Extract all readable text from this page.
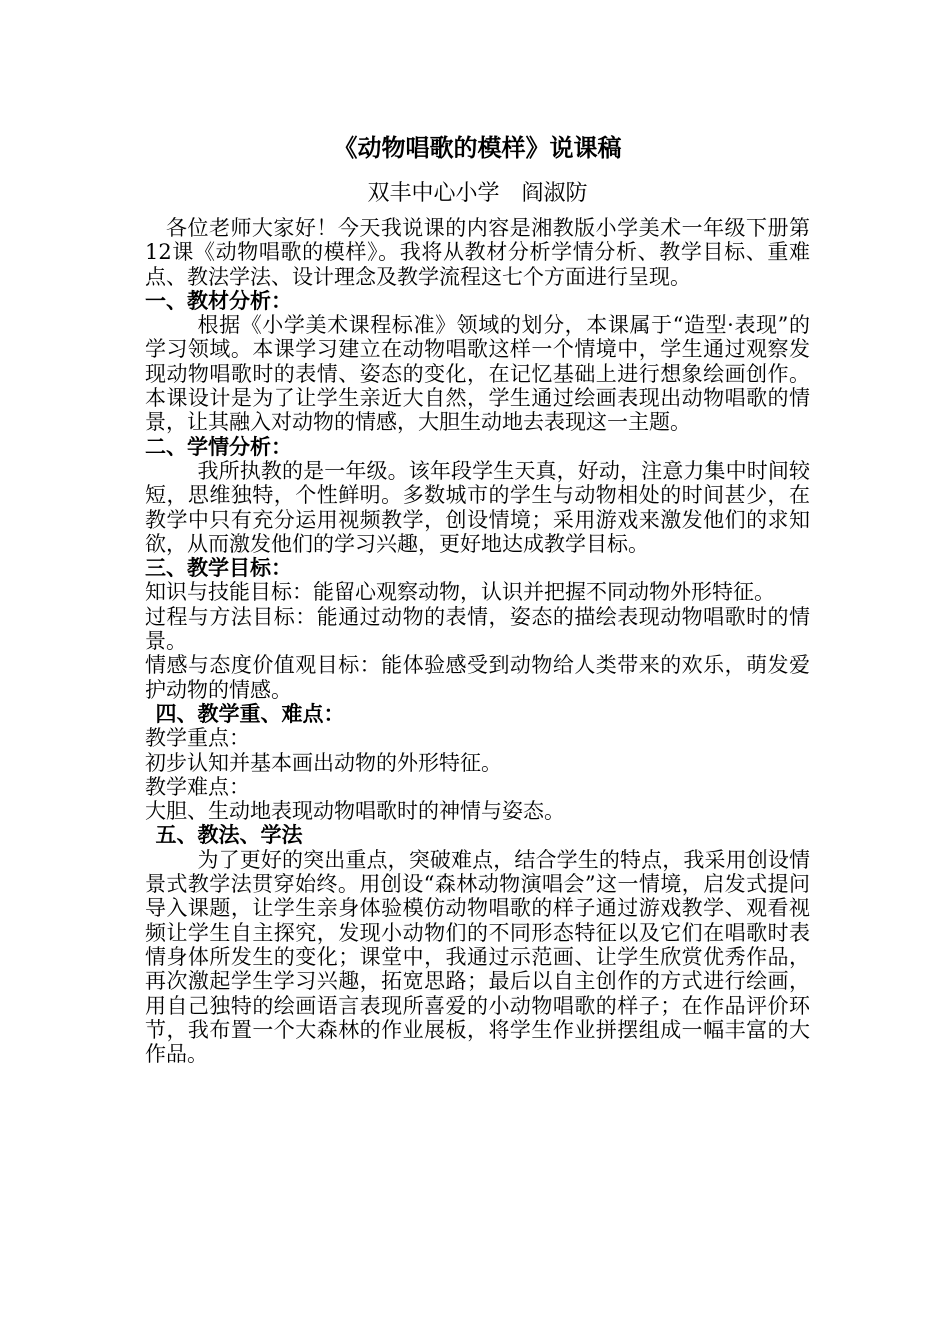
《动物唱歌的模样》说课稿
双丰中心小学　阎淑防

各位老师大家好！今天我说课的内容是湘教版小学美术一年级下册第12课《动物唱歌的模样》。我将从教材分析学情分析、教学目标、重难点、教法学法、设计理念及教学流程这七个方面进行呈现。

一、教材分析：

根据《小学美术课程标准》领域的划分，本课属于“造型·表现”的学习领域。本课学习建立在动物唱歌这样一个情境中，学生通过观察发现动物唱歌时的表情、姿态的变化，在记忆基础上进行想象绘画创作。本课设计是为了让学生亲近大自然，学生通过绘画表现出动物唱歌的情景，让其融入对动物的情感，大胆生动地去表现这一主题。

二、学情分析：

我所执教的是一年级。该年段学生天真，好动，注意力集中时间较短，思维独特，个性鲜明。多数城市的学生与动物相处的时间甚少，在教学中只有充分运用视频教学，创设情境；采用游戏来激发他们的求知欲，从而激发他们的学习兴趣，更好地达成教学目标。

三、教学目标：

知识与技能目标：能留心观察动物，认识并把握不同动物外形特征。

过程与方法目标：能通过动物的表情，姿态的描绘表现动物唱歌时的情景。

情感与态度价值观目标：能体验感受到动物给人类带来的欢乐，萌发爱护动物的情感。

四、教学重、难点：

教学重点：

初步认知并基本画出动物的外形特征。

教学难点：

大胆、生动地表现动物唱歌时的神情与姿态。

五、教法、学法

为了更好的突出重点，突破难点，结合学生的特点，我采用创设情景式教学法贯穿始终。用创设“森林动物演唱会”这一情境，启发式提问导入课题，让学生亲身体验模仿动物唱歌的样子通过游戏教学、观看视频让学生自主探究，发现小动物们的不同形态特征以及它们在唱歌时表情身体所发生的变化；课堂中，我通过示范画、让学生欣赏优秀作品，再次激起学生学习兴趣，拓宽思路；最后以自主创作的方式进行绘画，用自己独特的绘画语言表现所喜爱的小动物唱歌的样子；在作品评价环节，我布置一个大森林的作业展板，将学生作业拼摆组成一幅丰富的大作品。
